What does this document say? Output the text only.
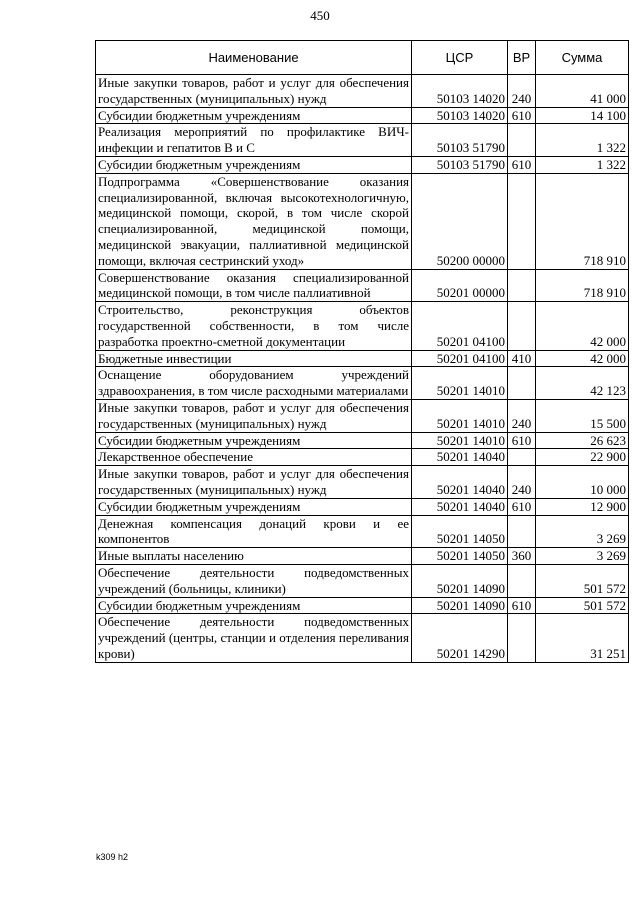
450
Наименование	ЦСР	ВР	Сумма
Иные закупки товаров, работ и услуг для обеспечения государственных (муниципальных) нужд	50103 14020	240	41 000
Субсидии бюджетным учреждениям	50103 14020	610	14 100
Реализация мероприятий по профилактике ВИЧ-инфекции и гепатитов В и С	50103 51790		1 322
Субсидии бюджетным учреждениям	50103 51790	610	1 322
Подпрограмма «Совершенствование оказания специализированной, включая высокотехнологичную, медицинской помощи, скорой, в том числе скорой специализированной, медицинской помощи, медицинской эвакуации, паллиативной медицинской помощи, включая сестринский уход»	50200 00000		718 910
Совершенствование оказания специализированной медицинской помощи, в том числе паллиативной	50201 00000		718 910
Строительство, реконструкция объектов государственной собственности, в том числе разработка проектно-сметной документации	50201 04100		42 000
Бюджетные инвестиции	50201 04100	410	42 000
Оснащение оборудованием учреждений здравоохранения, в том числе расходными материалами	50201 14010		42 123
Иные закупки товаров, работ и услуг для обеспечения государственных (муниципальных) нужд	50201 14010	240	15 500
Субсидии бюджетным учреждениям	50201 14010	610	26 623
Лекарственное обеспечение	50201 14040		22 900
Иные закупки товаров, работ и услуг для обеспечения государственных (муниципальных) нужд	50201 14040	240	10 000
Субсидии бюджетным учреждениям	50201 14040	610	12 900
Денежная компенсация донаций крови и ее компонентов	50201 14050		3 269
Иные выплаты населению	50201 14050	360	3 269
Обеспечение деятельности подведомственных учреждений (больницы, клиники)	50201 14090		501 572
Субсидии бюджетным учреждениям	50201 14090	610	501 572
Обеспечение деятельности подведомственных учреждений (центры, станции и отделения переливания крови)	50201 14290		31 251
k309 h2
